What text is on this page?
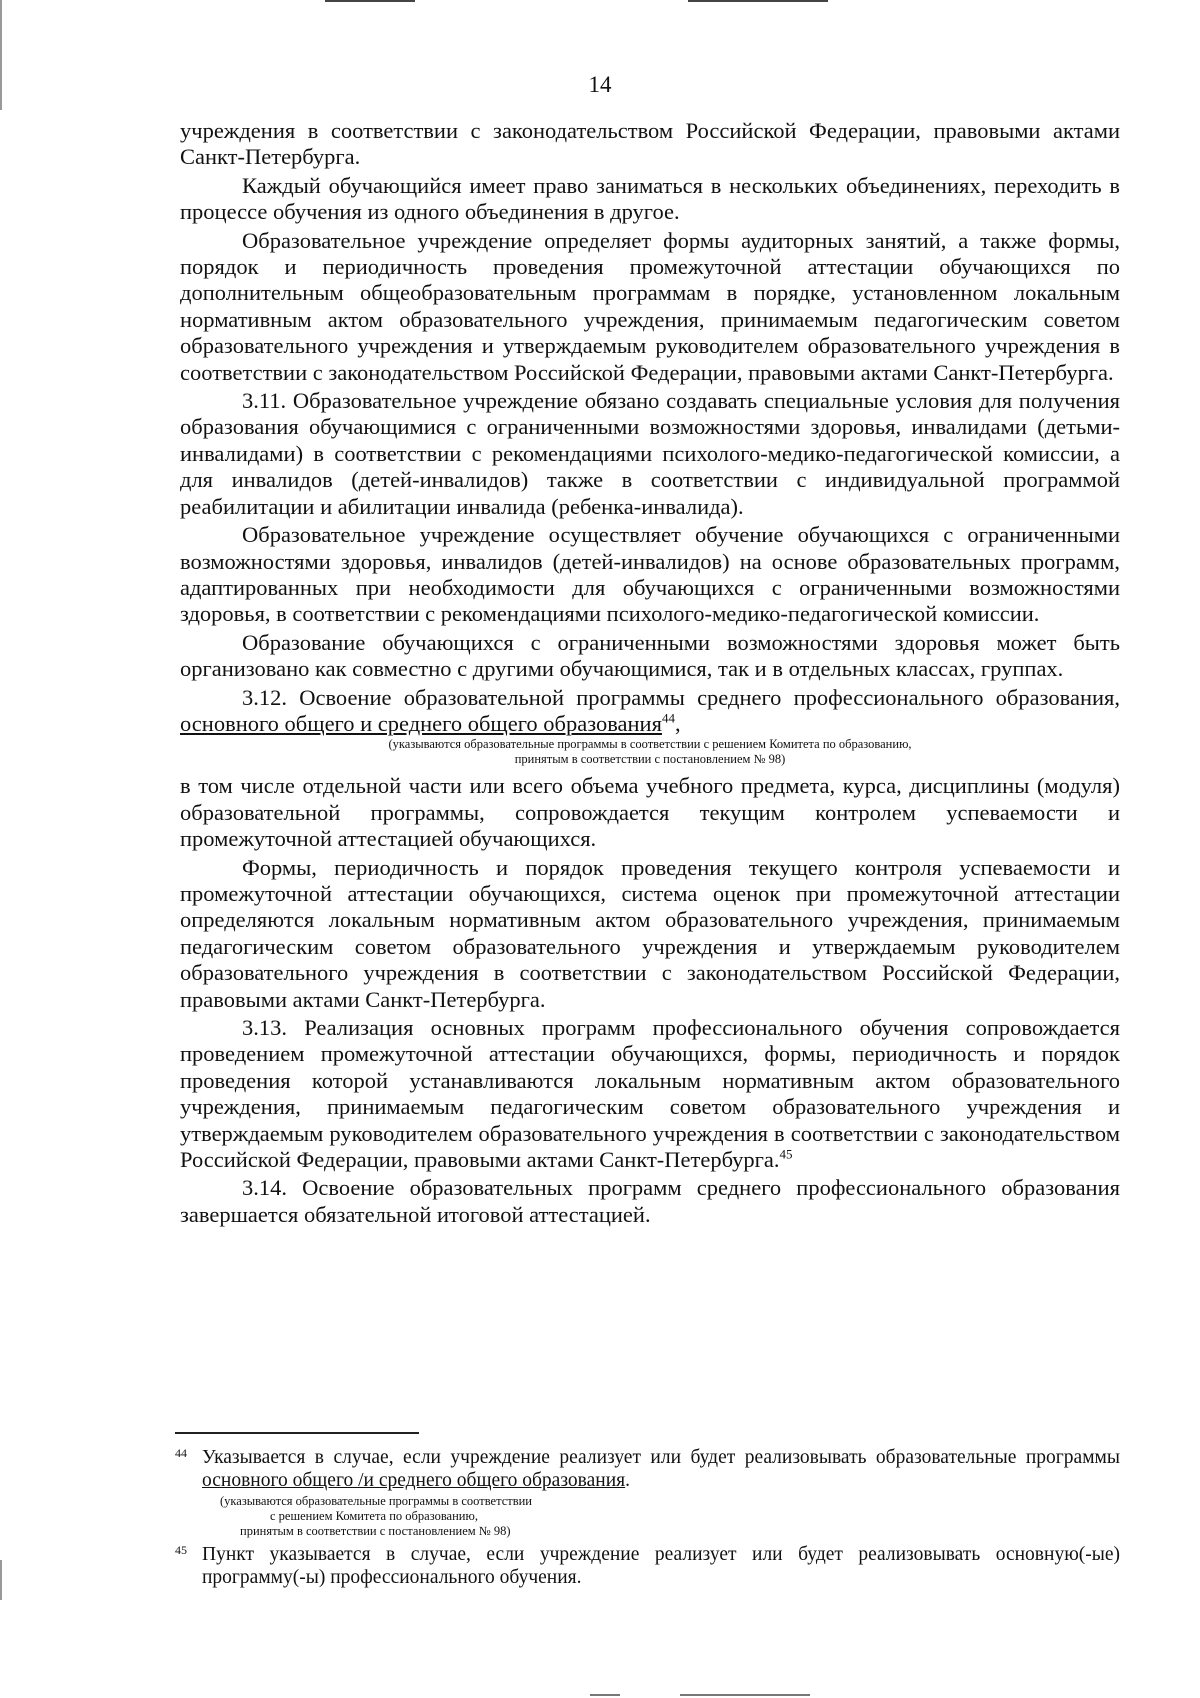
14

учреждения в соответствии с законодательством Российской Федерации, правовыми актами Санкт-Петербурга.

Каждый обучающийся имеет право заниматься в нескольких объединениях, переходить в процессе обучения из одного объединения в другое.

Образовательное учреждение определяет формы аудиторных занятий, а также формы, порядок и периодичность проведения промежуточной аттестации обучающихся по дополнительным общеобразовательным программам в порядке, установленном локальным нормативным актом образовательного учреждения, принимаемым педагогическим советом образовательного учреждения и утверждаемым руководителем образовательного учреждения в соответствии с законодательством Российской Федерации, правовыми актами Санкт-Петербурга.

3.11. Образовательное учреждение обязано создавать специальные условия для получения образования обучающимися с ограниченными возможностями здоровья, инвалидами (детьми-инвалидами) в соответствии с рекомендациями психолого-медико-педагогической комиссии, а для инвалидов (детей-инвалидов) также в соответствии с индивидуальной программой реабилитации и абилитации инвалида (ребенка-инвалида).

Образовательное учреждение осуществляет обучение обучающихся с ограниченными возможностями здоровья, инвалидов (детей-инвалидов) на основе образовательных программ, адаптированных при необходимости для обучающихся с ограниченными возможностями здоровья, в соответствии с рекомендациями психолого-медико-педагогической комиссии.

Образование обучающихся с ограниченными возможностями здоровья может быть организовано как совместно с другими обучающимися, так и в отдельных классах, группах.

3.12. Освоение образовательной программы среднего профессионального образования, основного общего и среднего общего образования$^{44}$,

(указываются образовательные программы в соответствии с решением Комитета по образованию,
принятым в соответствии с постановлением № 98)

в том числе отдельной части или всего объема учебного предмета, курса, дисциплины (модуля) образовательной программы, сопровождается текущим контролем успеваемости и промежуточной аттестацией обучающихся.

Формы, периодичность и порядок проведения текущего контроля успеваемости и промежуточной аттестации обучающихся, система оценок при промежуточной аттестации определяются локальным нормативным актом образовательного учреждения, принимаемым педагогическим советом образовательного учреждения и утверждаемым руководителем образовательного учреждения в соответствии с законодательством Российской Федерации, правовыми актами Санкт-Петербурга.

3.13. Реализация основных программ профессионального обучения сопровождается проведением промежуточной аттестации обучающихся, формы, периодичность и порядок проведения которой устанавливаются локальным нормативным актом образовательного учреждения, принимаемым педагогическим советом образовательного учреждения и утверждаемым руководителем образовательного учреждения в соответствии с законодательством Российской Федерации, правовыми актами Санкт-Петербурга.$^{45}$

3.14. Освоение образовательных программ среднего профессионального образования завершается обязательной итоговой аттестацией.

44 Указывается в случае, если учреждение реализует или будет реализовывать образовательные программы основного общего /и среднего общего образования.
(указываются образовательные программы в соответствии
с решением Комитета по образованию,
принятым в соответствии с постановлением № 98)
45 Пункт указывается в случае, если учреждение реализует или будет реализовывать основную(-ые) программу(-ы) профессионального обучения.
